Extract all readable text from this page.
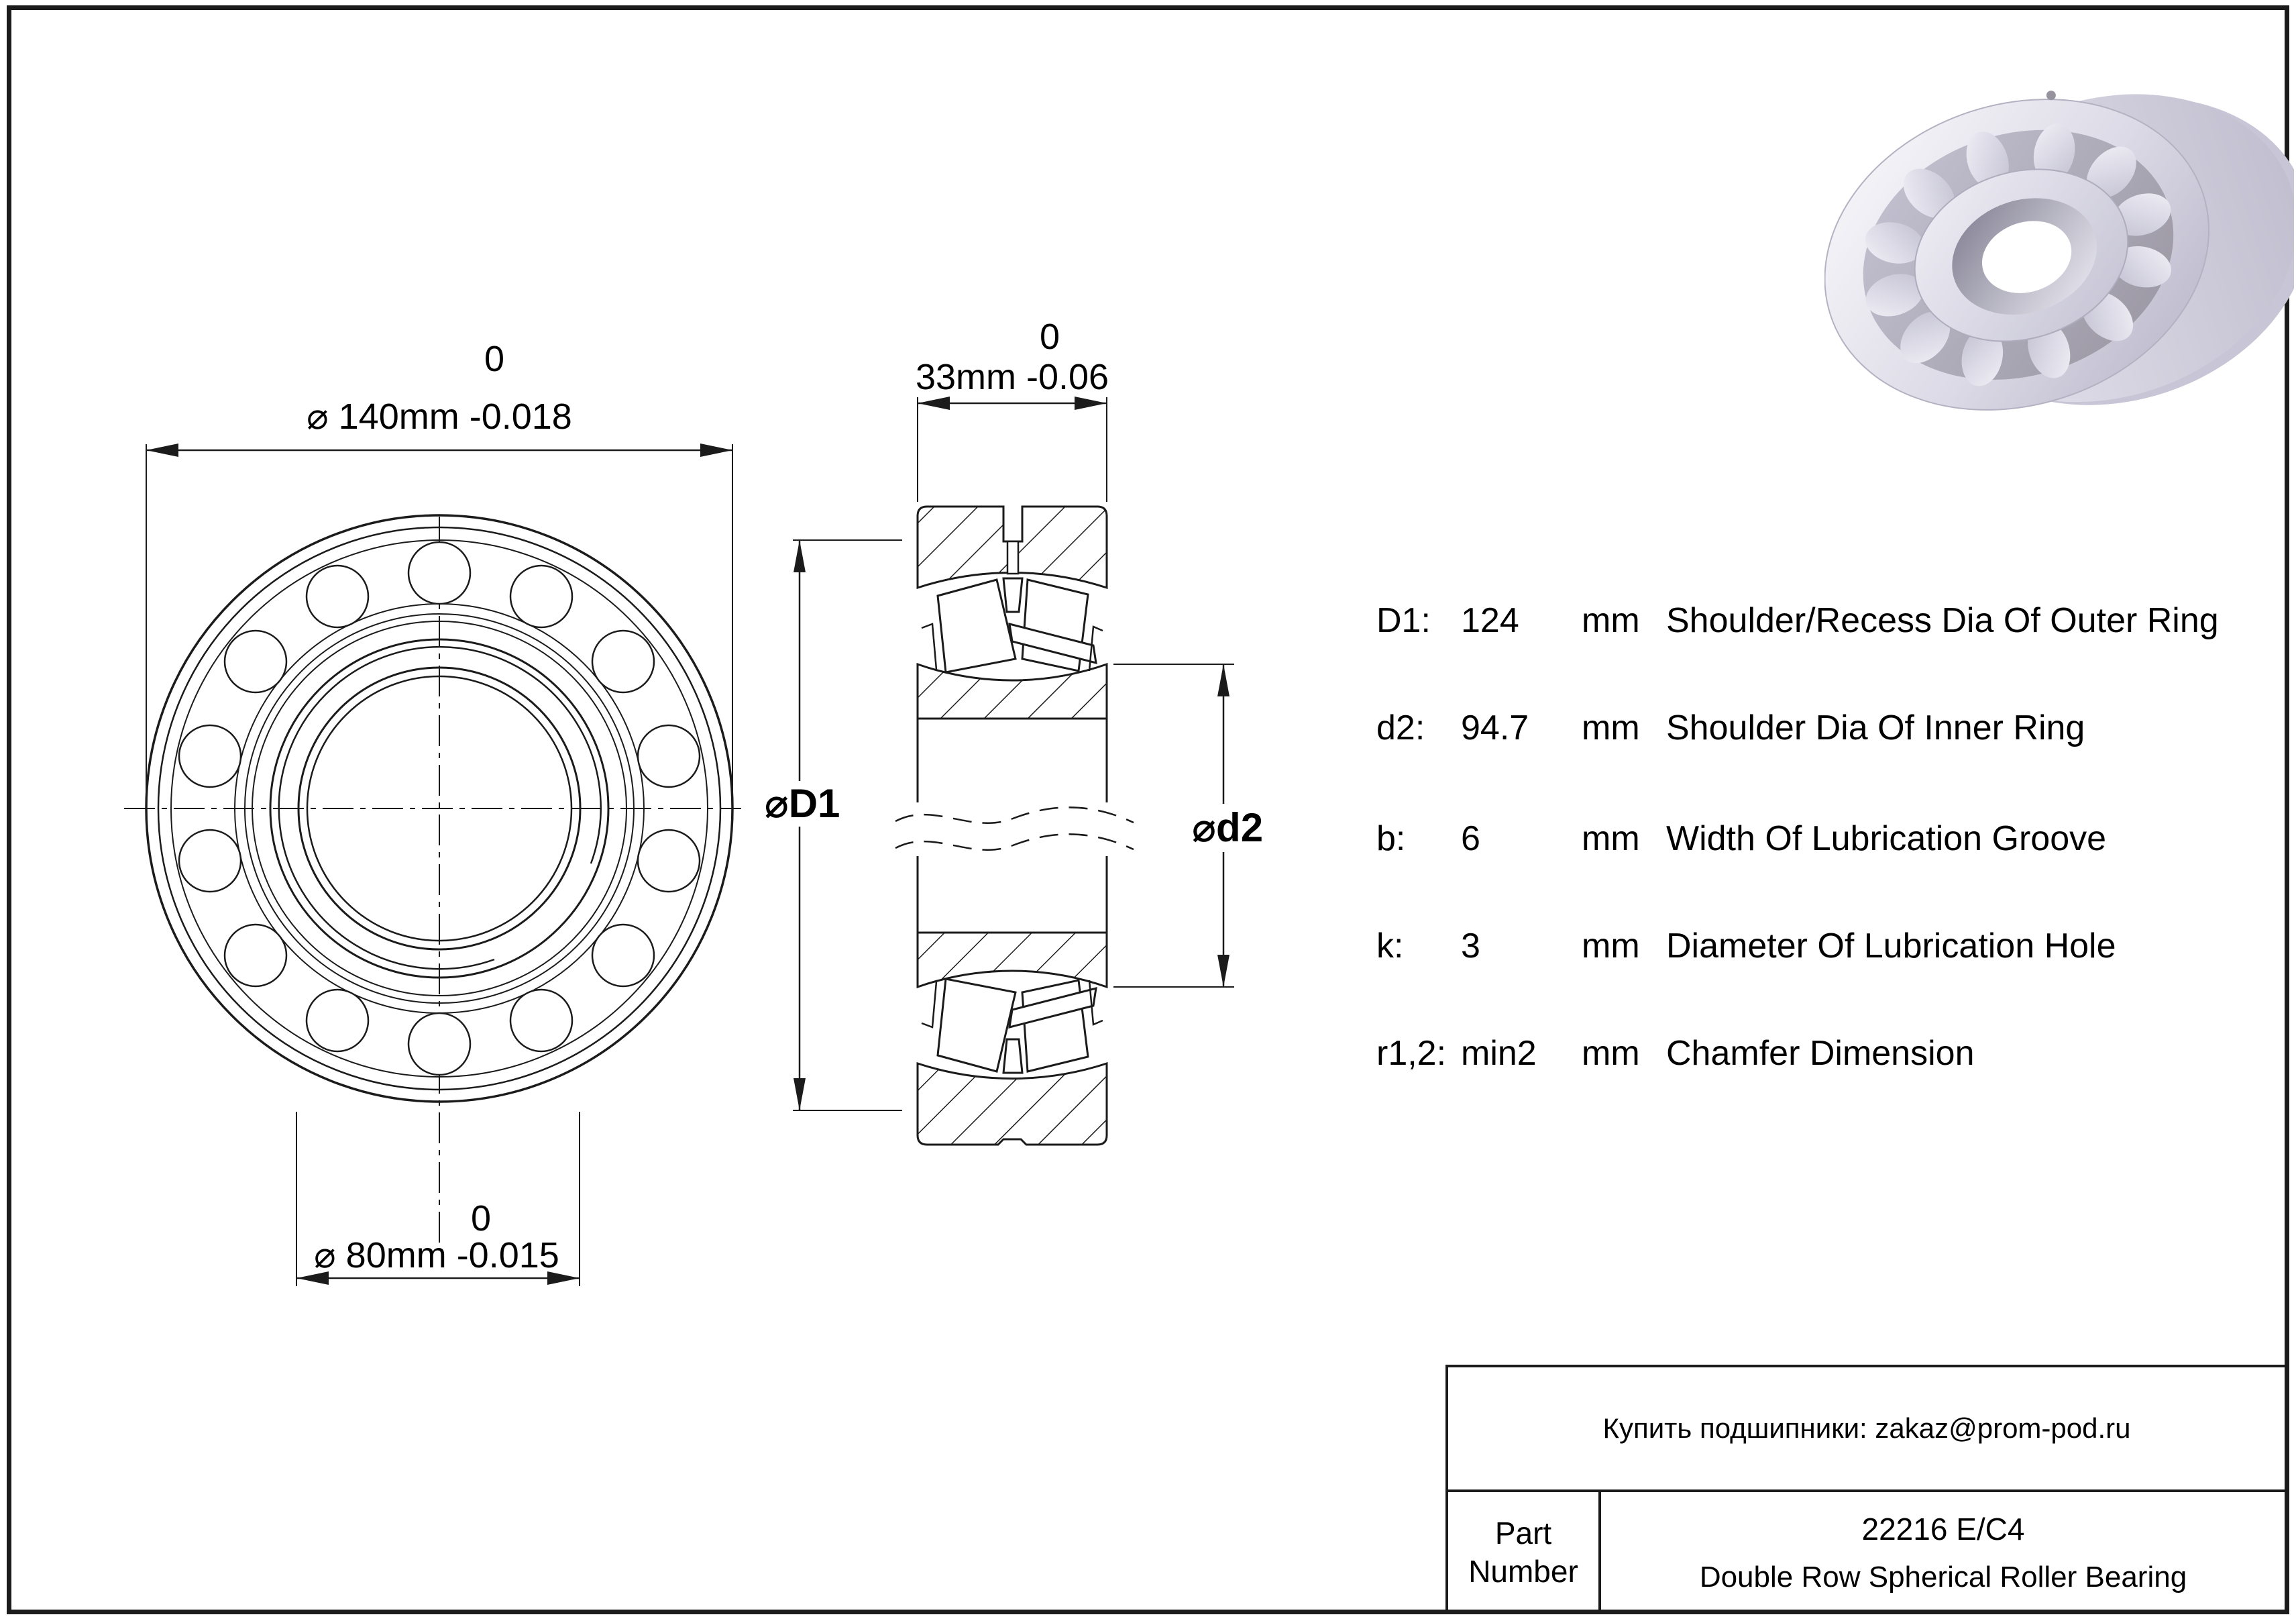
0
⌀ 140mm -0.018
0
⌀ 80mm -0.015
0
33mm -0.06
⌀D1
⌀d2
D1: 124 mm Shoulder/Recess Dia Of Outer Ring
d2: 94.7 mm Shoulder Dia Of Inner Ring
b: 6	mm Width Of Lubrication Groove
k: 3	mm Diameter Of Lubrication Hole
r1,2: min2 mm Chamfer Dimension
Купить подшипники: zakaz@prom-pod.ru
Part Number
22216 E/C4
Double Row Spherical Roller Bearing
